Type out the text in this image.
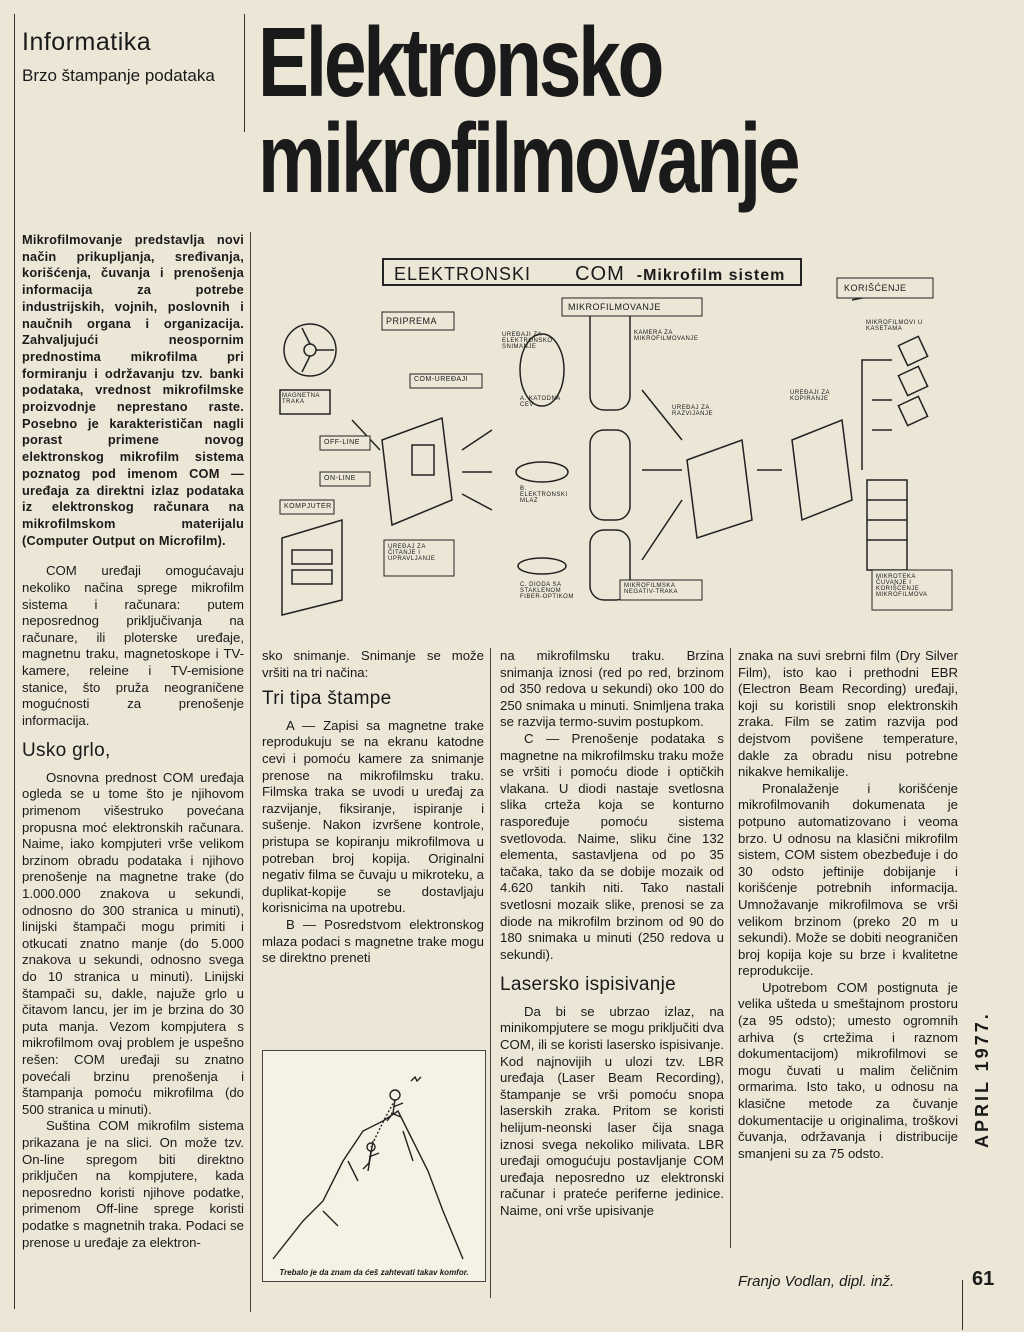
Informatika
Brzo štampanje podataka Elektronsko
mikrofilmovanje

Mikrofilmovanje predstavlja novi način prikupljanja, sređivanja, korišćenja, čuvanja i prenošenja informacija za potrebe industrijskih, vojnih, poslovnih i naučnih organa i organizacija. Zahvaljujući neospornim prednostima mikrofilma pri formiranju i održavanju tzv. banki podataka, vrednost mikrofilmske proizvodnje neprestano raste. Posebno je karakterističan nagli porast primene novog elektronskog mikrofilm sistema poznatog pod imenom COM — uređaja za direktni izlaz podataka iz elektronskog računara na mikrofilmskom materijalu (Computer Output on Microfilm).

COM uređaji omogućavaju nekoliko načina sprege mikrofilm sistema i računara: putem neposrednog priključivanja na računare, ili ploterske uređaje, magnetnu traku, magnetoskope i TV-kamere, releine i TV-emisione stanice, što pruža neograničene mogućnosti za prenošenje informacija.

Usko grlo,

Osnovna prednost COM uređaja ogleda se u tome što je njihovom primenom višestruko povećana propusna moć elektronskih računara. Naime, iako kompjuteri vrše velikom brzinom obradu podataka i njihovo prenošenje na magnetne trake (do 1.000.000 znakova u sekundi, odnosno do 300 stranica u minuti), linijski štampači mogu primiti i otkucati znatno manje (do 5.000 znakova u sekundi, odnosno svega do 10 stranica u minuti). Linijski štampači su, dakle, najuže grlo u čitavom lancu, jer im je brzina do 30 puta manja. Vezom kompjutera s mikrofilmom ovaj problem je uspešno rešen: COM uređaji su znatno povećali brzinu prenošenja i štampanja pomoću mikrofilma (do 500 stranica u minuti).

Suština COM mikrofilm sistema prikazana je na slici. On može tzv. On-line spregom biti direktno priključen na kompjutere, kada neposredno koristi njihove podatke, primenom Off-line sprege koristi podatke s magnetnih traka. Podaci se prenose u uređaje za elektron-

ELEKTRONSKI COM -Mikrofilm sistem
PRIPREMA
MIKROFILMOVANJE
KORIŠĆENJE
COM-UREĐAJI
MAGNETNA TRAKA
OFF-LINE
ON-LINE
KOMPJUTER
UREĐAJI ZA ELEKTRONSKO SNIMANJE
KAMERA ZA MIKROFILMOVANJE
A. KATODNA CEV
B. ELEKTRONSKI MLAZ
C. DIODA SA STAKLENOM FIBER-OPTIKOM
UREĐAJ ZA RAZVIJANJE
UREĐAJI ZA KOPIRANJE
MIKROFILMOVI U KASETAMA
UREĐAJ ZA ČITANJE I UPRAVLJANJE
MIKROFILMSKA NEGATIV-TRAKA
MIKROTEKA ČUVANJE I KORIŠĆENJE MIKROFILMOVA

sko snimanje. Snimanje se može vršiti na tri načina:

Tri tipa štampe

A — Zapisi sa magnetne trake reprodukuju se na ekranu katodne cevi i pomoću kamere za snimanje prenose na mikrofilmsku traku. Filmska traka se uvodi u uređaj za razvijanje, fiksiranje, ispiranje i sušenje. Nakon izvršene kontrole, pristupa se kopiranju mikrofilmova u potreban broj kopija. Originalni negativ filma se čuvaju u mikroteku, a duplikat-kopije se dostavljaju korisnicima na upotrebu.

B — Posredstvom elektronskog mlaza podaci s magnetne trake mogu se direktno preneti

Trebalo je da znam da ćeš zahtevati takav komfor.

na mikrofilmsku traku. Brzina snimanja iznosi (red po red, brzinom od 350 redova u sekundi) oko 100 do 250 snimaka u minuti. Snimljena traka se razvija termo-suvim postupkom.

C — Prenošenje podataka s magnetne na mikrofilmsku traku može se vršiti i pomoću diode i optičkih vlakana. U diodi nastaje svetlosna slika crteža koja se konturno raspoređuje pomoću sistema svetlovoda. Naime, sliku čine 132 elementa, sastavljena od po 35 tačaka, tako da se dobije mozaik od 4.620 tankih niti. Tako nastali svetlosni mozaik slike, prenosi se za diode na mikrofilm brzinom od 90 do 180 snimaka u minuti (250 redova u sekundi).

Lasersko ispisivanje

Da bi se ubrzao izlaz, na minikompjutere se mogu priključiti dva COM, ili se koristi lasersko ispisivanje. Kod najnovijih u ulozi tzv. LBR uređaja (Laser Beam Recording), štampanje se vrši pomoću snopa laserskih zraka. Pritom se koristi helijum-neonski laser čija snaga iznosi svega nekoliko milivata. LBR uređaji omogućuju postavljanje COM uređaja neposredno uz elektronski računar i prateće periferne jedinice. Naime, oni vrše upisivanje

znaka na suvi srebrni film (Dry Silver Film), isto kao i prethodni EBR (Electron Beam Recording) uređaji, koji su koristili snop elektronskih zraka. Film se zatim razvija pod dejstvom povišene temperature, dakle za obradu nisu potrebne nikakve hemikalije.

Pronalaženje i korišćenje mikrofilmovanih dokumenata je potpuno automatizovano i veoma brzo. U odnosu na klasični mikrofilm sistem, COM sistem obezbeđuje i do 30 odsto jeftinije dobijanje i korišćenje potrebnih informacija. Umnožavanje mikrofilmova se vrši velikom brzinom (preko 20 m u sekundi). Može se dobiti neograničen broj kopija koje su brze i kvalitetne reprodukcije.

Upotrebom COM postignuta je velika ušteda u smeštajnom prostoru (za 95 odsto); umesto ogromnih arhiva (s crtežima i raznom dokumentacijom) mikrofilmovi se mogu čuvati u malim čeličnim ormarima. Isto tako, u odnosu na klasične metode za čuvanje dokumentacije u originalima, troškovi čuvanja, održavanja i distribucije smanjeni su za 75 odsto.

Franjo Vodlan, dipl. inž.
APRIL 1977.
61
